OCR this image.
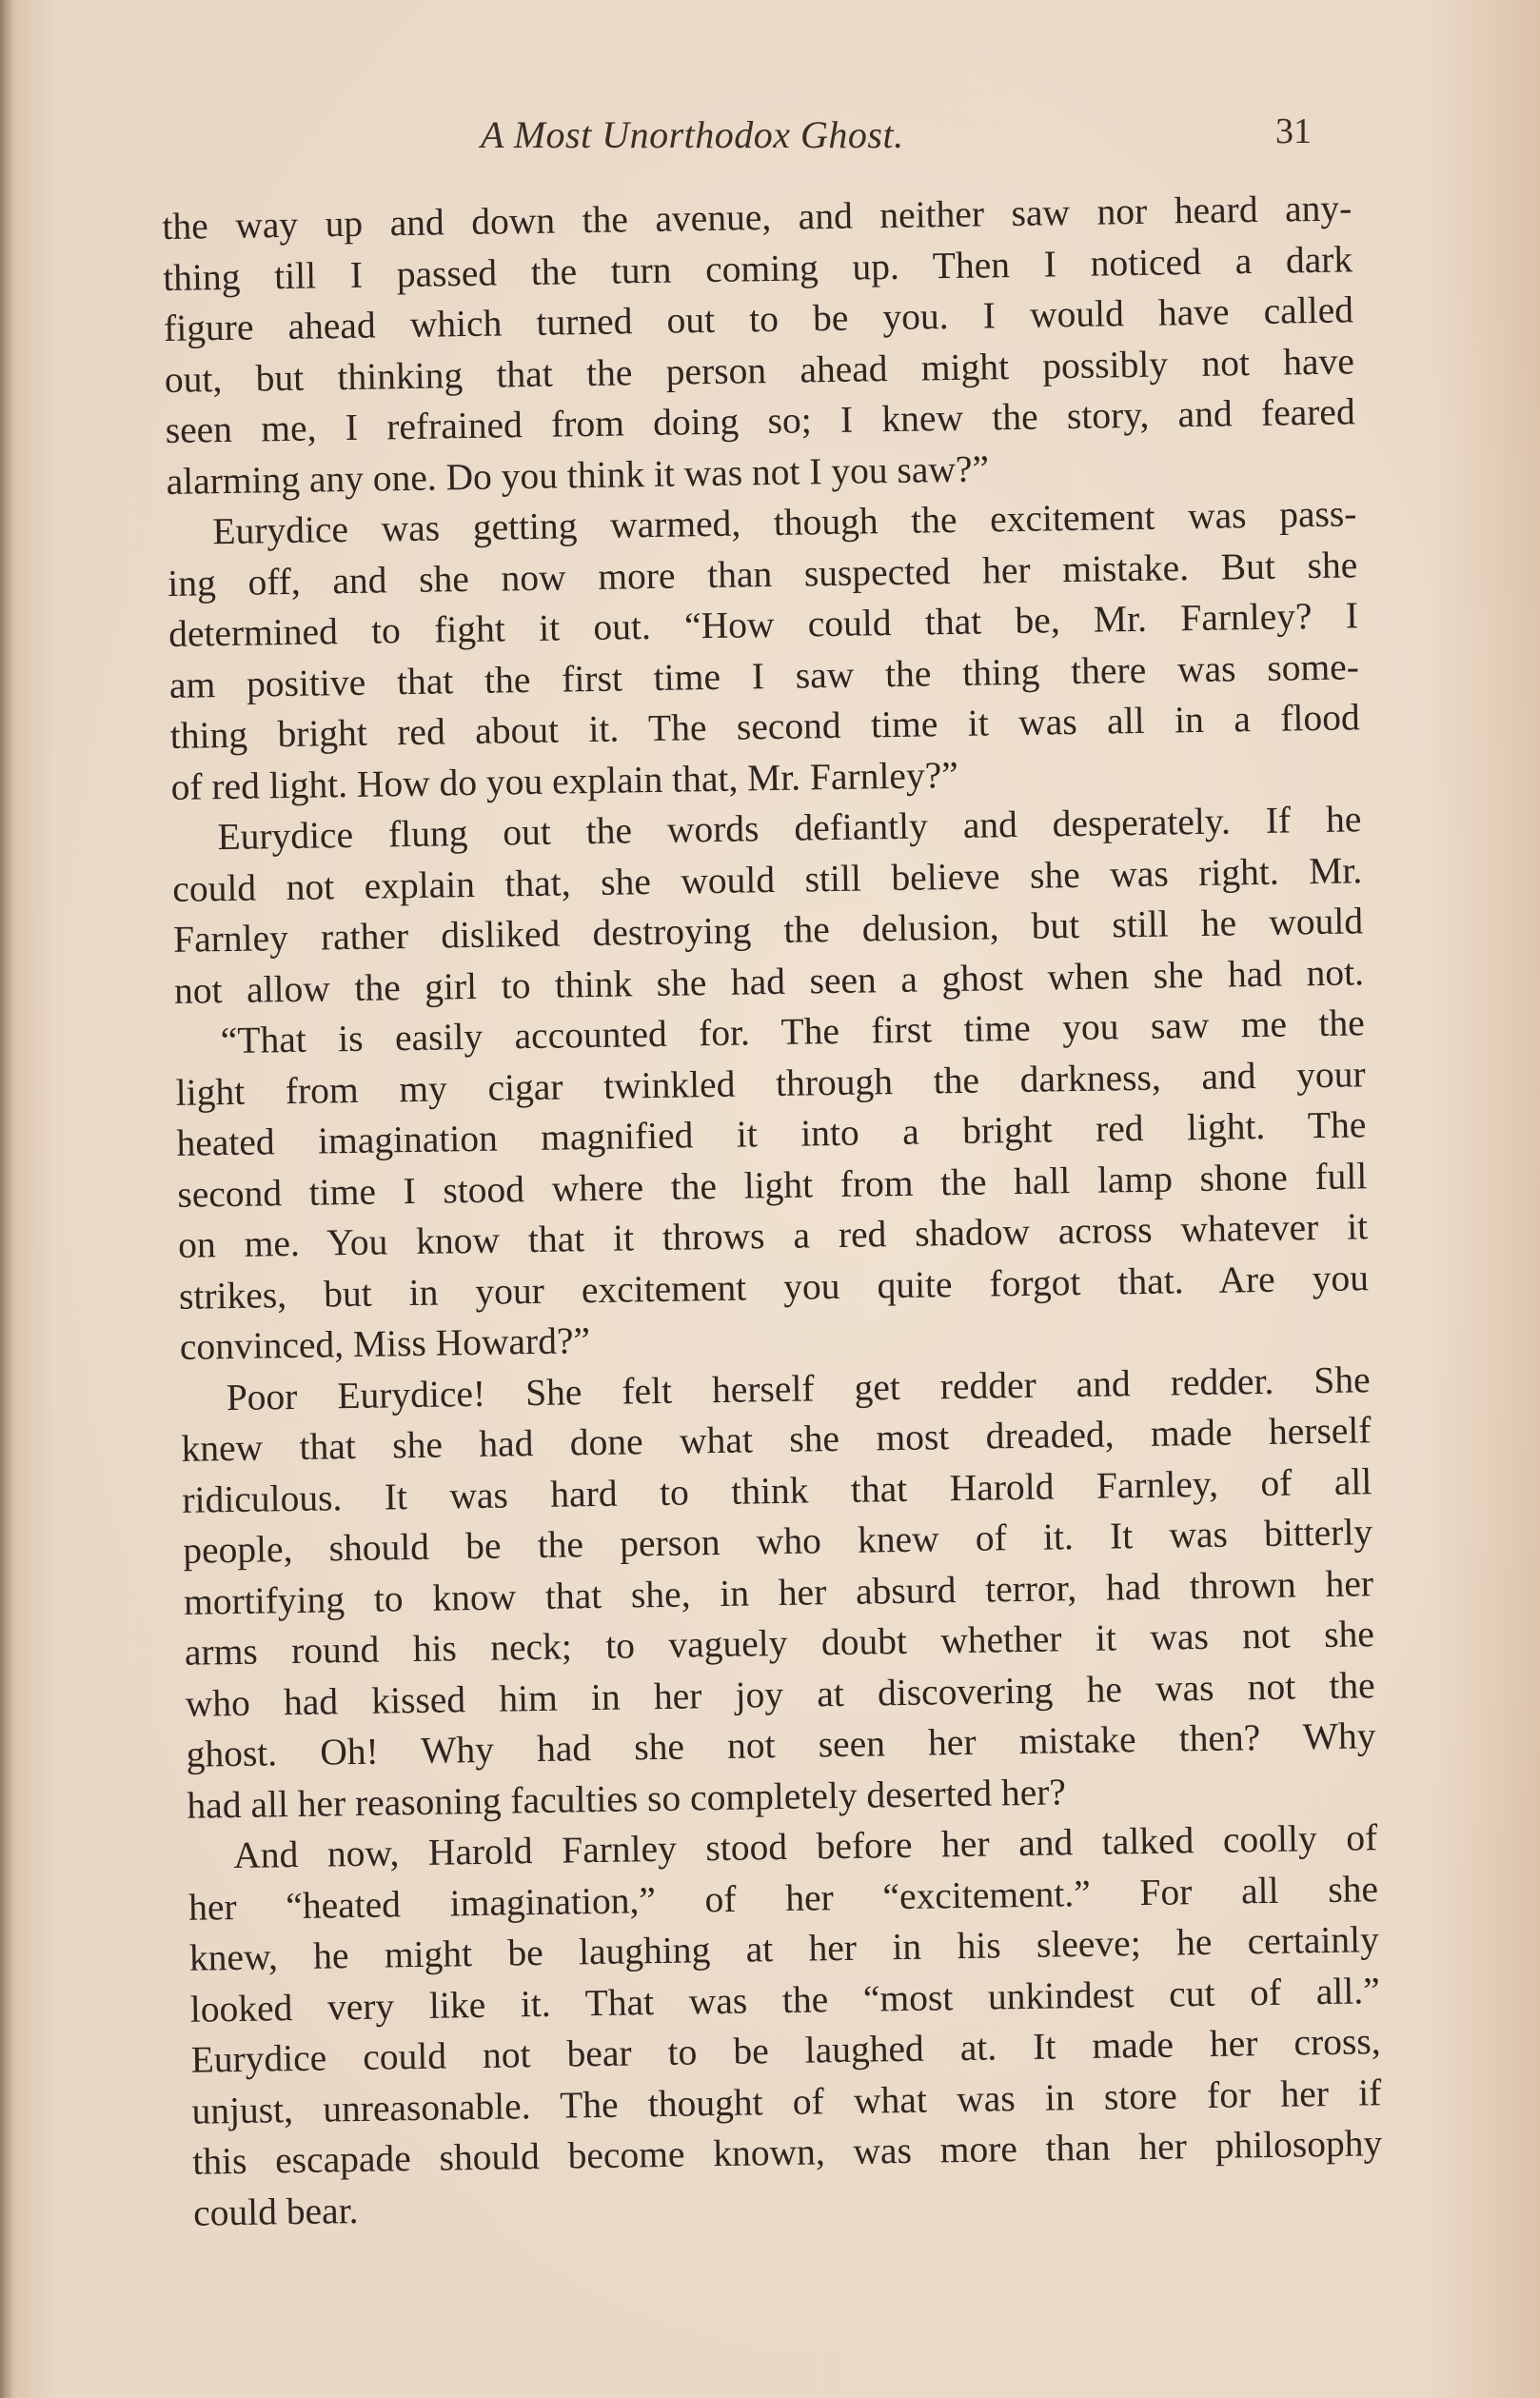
A Most Unorthodox Ghost.	31
the way up and down the avenue, and neither saw nor heard any-
thing till I passed the turn coming up. Then I noticed a dark
figure ahead which turned out to be you. I would have called
out, but thinking that the person ahead might possibly not have
seen me, I refrained from doing so; I knew the story, and feared
alarming any one. Do you think it was not I you saw?”
Eurydice was getting warmed, though the excitement was pass-
ing off, and she now more than suspected her mistake. But she
determined to fight it out. “How could that be, Mr. Farnley? I
am positive that the first time I saw the thing there was some-
thing bright red about it. The second time it was all in a flood
of red light. How do you explain that, Mr. Farnley?”
Eurydice flung out the words defiantly and desperately. If he
could not explain that, she would still believe she was right. Mr.
Farnley rather disliked destroying the delusion, but still he would
not allow the girl to think she had seen a ghost when she had not.
“That is easily accounted for. The first time you saw me the
light from my cigar twinkled through the darkness, and your
heated imagination magnified it into a bright red light. The
second time I stood where the light from the hall lamp shone full
on me. You know that it throws a red shadow across whatever it
strikes, but in your excitement you quite forgot that. Are you
convinced, Miss Howard?”
Poor Eurydice! She felt herself get redder and redder. She
knew that she had done what she most dreaded, made herself
ridiculous. It was hard to think that Harold Farnley, of all
people, should be the person who knew of it. It was bitterly
mortifying to know that she, in her absurd terror, had thrown her
arms round his neck; to vaguely doubt whether it was not she
who had kissed him in her joy at discovering he was not the
ghost. Oh! Why had she not seen her mistake then? Why
had all her reasoning faculties so completely deserted her?
And now, Harold Farnley stood before her and talked coolly of
her “heated imagination,” of her “excitement.” For all she
knew, he might be laughing at her in his sleeve; he certainly
looked very like it. That was the “most unkindest cut of all.”
Eurydice could not bear to be laughed at. It made her cross,
unjust, unreasonable. The thought of what was in store for her if
this escapade should become known, was more than her philosophy
could bear.
